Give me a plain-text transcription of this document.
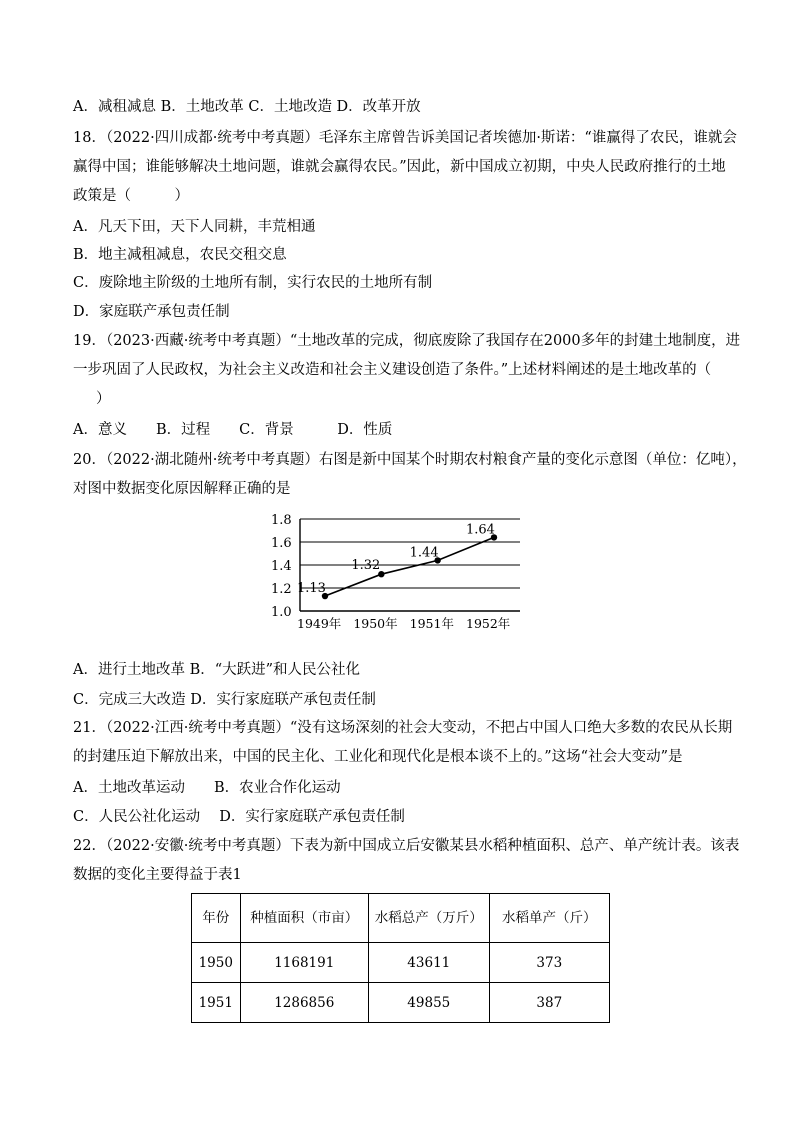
A．减租减息 B．土地改革 C．土地改造 D．改革开放
18．（2022·四川成都·统考中考真题）毛泽东主席曾告诉美国记者埃德加·斯诺：“谁赢得了农民，谁就会
赢得中国；谁能够解决土地问题，谁就会赢得农民。”因此，新中国成立初期，中央人民政府推行的土地
政策是（　　　）
A．凡天下田，天下人同耕，丰荒相通
B．地主减租减息，农民交租交息
C．废除地主阶级的土地所有制，实行农民的土地所有制
D．家庭联产承包责任制
19．（2023·西藏·统考中考真题）“土地改革的完成，彻底废除了我国存在2000多年的封建土地制度，进
一步巩固了人民政权，为社会主义改造和社会主义建设创造了条件。”上述材料阐述的是土地改革的（
）
A．意义　　B．过程　　C．背景　　　D．性质
20．（2022·湖北随州·统考中考真题）右图是新中国某个时期农村粮食产量的变化示意图（单位：亿吨），
对图中数据变化原因解释正确的是
1.0
1.2
1.4
1.6
1.8
1.13
1.32
1.44
1.64
1949年 1950年 1951年 1952年
A．进行土地改革 B．“大跃进”和人民公社化
C．完成三大改造 D．实行家庭联产承包责任制
21．（2022·江西·统考中考真题）“没有这场深刻的社会大变动，不把占中国人口绝大多数的农民从长期
的封建压迫下解放出来，中国的民主化、工业化和现代化是根本谈不上的。”这场“社会大变动”是
A．土地改革运动　　B．农业合作化运动
C．人民公社化运动　 D．实行家庭联产承包责任制
22．（2022·安徽·统考中考真题）下表为新中国成立后安徽某县水稻种植面积、总产、单产统计表。该表
数据的变化主要得益于表1
年份	种植面积（市亩）	水稻总产（万斤）	水稻单产（斤）
1950	1168191	43611	373
1951	1286856	49855	387
